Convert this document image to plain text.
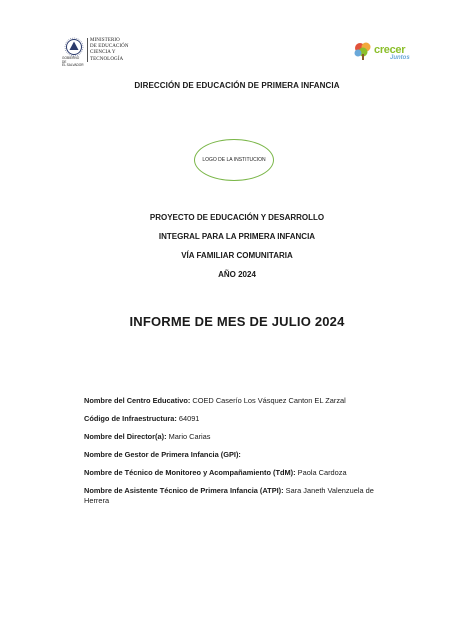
GOBIERNO DE
EL SALVADOR
MINISTERIO
DE EDUCACIÓN
CIENCIA Y
TECNOLOGÍA
crecer
Juntos
DIRECCIÓN DE EDUCACIÓN DE PRIMERA INFANCIA
LOGO DE LA INSTITUCION
PROYECTO DE EDUCACIÓN Y DESARROLLO
INTEGRAL PARA LA PRIMERA INFANCIA
VÍA FAMILIAR COMUNITARIA
AÑO 2024
INFORME DE MES DE JULIO 2024
Nombre del Centro Educativo: COED Caserío Los Vásquez Canton EL Zarzal
Código de Infraestructura: 64091
Nombre del Director(a): Mario Carias
Nombre de Gestor de Primera Infancia (GPI):
Nombre de Técnico de Monitoreo y Acompañamiento (TdM): Paola Cardoza
Nombre de Asistente Técnico de Primera Infancia (ATPI): Sara Janeth Valenzuela de Herrera
